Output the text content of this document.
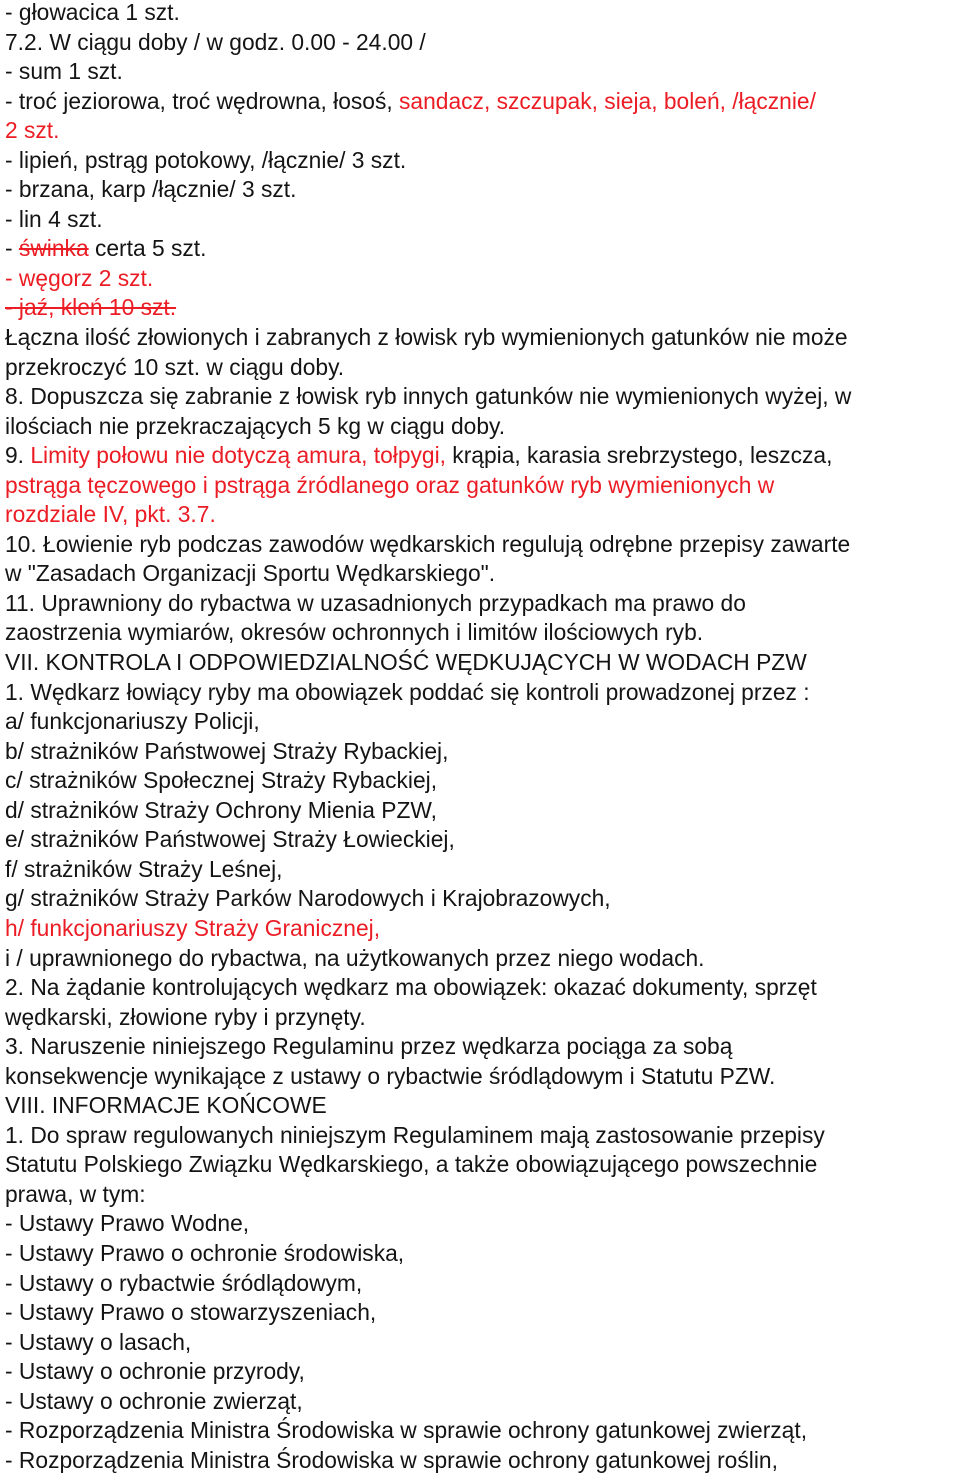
- głowacica 1 szt.
7.2. W ciągu doby / w godz. 0.00 - 24.00 /
- sum 1 szt.
- troć jeziorowa, troć wędrowna, łosoś, sandacz, szczupak, sieja, boleń, /łącznie/
2 szt.
- lipień, pstrąg potokowy, /łącznie/ 3 szt.
- brzana, karp /łącznie/ 3 szt.
- lin 4 szt.
- świnka certa 5 szt.
- węgorz 2 szt.
- jaź, kleń 10 szt.
Łączna ilość złowionych i zabranych z łowisk ryb wymienionych gatunków nie może
przekroczyć 10 szt. w ciągu doby.
8. Dopuszcza się zabranie z łowisk ryb innych gatunków nie wymienionych wyżej, w
ilościach nie przekraczających 5 kg w ciągu doby.
9. Limity połowu nie dotyczą amura, tołpygi, krąpia, karasia srebrzystego, leszcza,
pstrąga tęczowego i pstrąga źródlanego oraz gatunków ryb wymienionych w
rozdziale IV, pkt. 3.7.
10. Łowienie ryb podczas zawodów wędkarskich regulują odrębne przepisy zawarte
w "Zasadach Organizacji Sportu Wędkarskiego".
11. Uprawniony do rybactwa w uzasadnionych przypadkach ma prawo do
zaostrzenia wymiarów, okresów ochronnych i limitów ilościowych ryb.
VII. KONTROLA I ODPOWIEDZIALNOŚĆ WĘDKUJĄCYCH W WODACH PZW
1. Wędkarz łowiący ryby ma obowiązek poddać się kontroli prowadzonej przez :
a/ funkcjonariuszy Policji,
b/ strażników Państwowej Straży Rybackiej,
c/ strażników Społecznej Straży Rybackiej,
d/ strażników Straży Ochrony Mienia PZW,
e/ strażników Państwowej Straży Łowieckiej,
f/ strażników Straży Leśnej,
g/ strażników Straży Parków Narodowych i Krajobrazowych,
h/ funkcjonariuszy Straży Granicznej,
i / uprawnionego do rybactwa, na użytkowanych przez niego wodach.
2. Na żądanie kontrolujących wędkarz ma obowiązek: okazać dokumenty, sprzęt
wędkarski, złowione ryby i przynęty.
3. Naruszenie niniejszego Regulaminu przez wędkarza pociąga za sobą
konsekwencje wynikające z ustawy o rybactwie śródlądowym i Statutu PZW.
VIII. INFORMACJE KOŃCOWE
1. Do spraw regulowanych niniejszym Regulaminem mają zastosowanie przepisy
Statutu Polskiego Związku Wędkarskiego, a także obowiązującego powszechnie
prawa, w tym:
- Ustawy Prawo Wodne,
- Ustawy Prawo o ochronie środowiska,
- Ustawy o rybactwie śródlądowym,
- Ustawy Prawo o stowarzyszeniach,
- Ustawy o lasach,
- Ustawy o ochronie przyrody,
- Ustawy o ochronie zwierząt,
- Rozporządzenia Ministra Środowiska w sprawie ochrony gatunkowej zwierząt,
- Rozporządzenia Ministra Środowiska w sprawie ochrony gatunkowej roślin,
